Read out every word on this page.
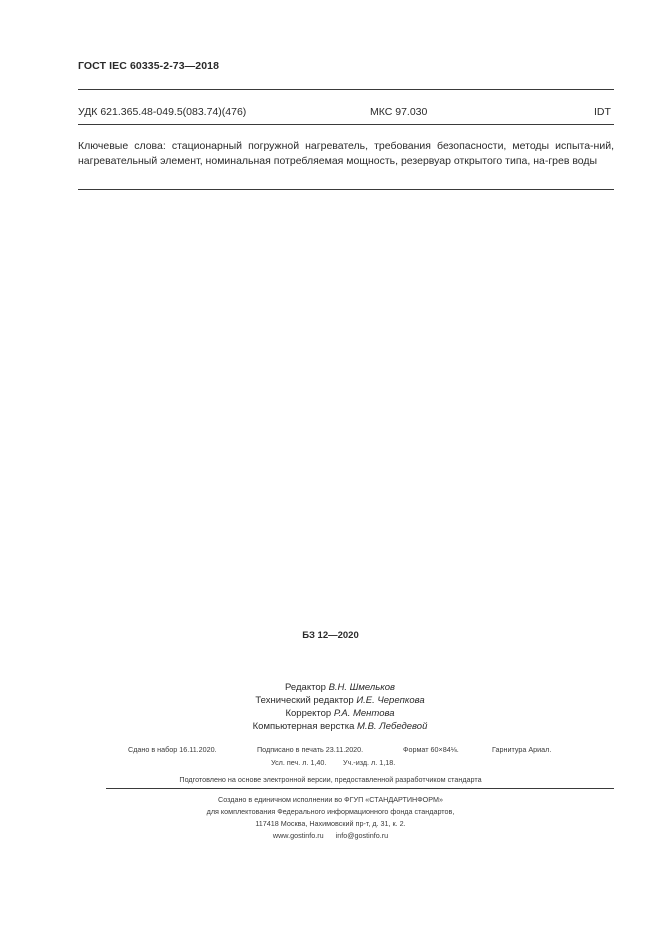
ГОСТ IEC 60335-2-73—2018
УДК 621.365.48-049.5(083.74)(476)	МКС 97.030	IDT
Ключевые слова: стационарный погружной нагреватель, требования безопасности, методы испыта-ний, нагревательный элемент, номинальная потребляемая мощность, резервуар открытого типа, на-грев воды
БЗ 12—2020
Редактор В.Н. Шмельков
Технический редактор И.Е. Черепкова
Корректор Р.А. Ментова
Компьютерная верстка М.В. Лебедевой
Сдано в набор 16.11.2020.	Подписано в печать 23.11.2020.	Формат 60×84⅛.	Гарнитура Ариал.
Усл. печ. л. 1,40. Уч.-изд. л. 1,18.
Подготовлено на основе электронной версии, предоставленной разработчиком стандарта
Создано в единичном исполнении во ФГУП «СТАНДАРТИНФОРМ»
для комплектования Федерального информационного фонда стандартов,
117418 Москва, Нахимовский пр-т, д. 31, к. 2.
www.gostinfo.ru info@gostinfo.ru
